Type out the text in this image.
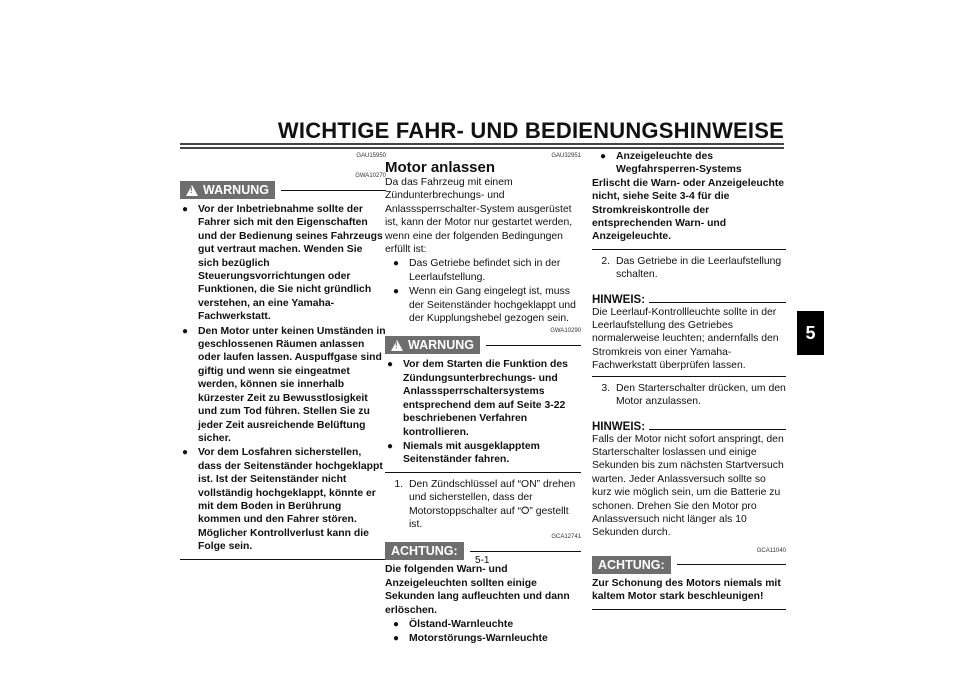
WICHTIGE FAHR- UND BEDIENUNGSHINWEISE
5
GAU15950
GWA10270
!
WARNUNG
● Vor der Inbetriebnahme sollte der Fahrer sich mit den Eigenschaften und der Bedienung seines Fahrzeugs gut vertraut machen. Wenden Sie sich bezüglich Steuerungsvorrichtungen oder Funktionen, die Sie nicht gründlich verstehen, an eine Yamaha-Fachwerkstatt.
● Den Motor unter keinen Umständen in geschlossenen Räumen anlassen oder laufen lassen. Auspuffgase sind giftig und wenn sie eingeatmet werden, können sie innerhalb kürzester Zeit zu Bewusstlosigkeit und zum Tod führen. Stellen Sie zu jeder Zeit ausreichende Belüftung sicher.
● Vor dem Losfahren sicherstellen, dass der Seitenständer hochgeklappt ist. Ist der Seitenständer nicht vollständig hochgeklappt, könnte er mit dem Boden in Berührung kommen und den Fahrer stören. Möglicher Kontrollverlust kann die Folge sein.
GAU32951
Motor anlassen
Da das Fahrzeug mit einem Zündunterbrechungs- und Anlasssperrschalter-System ausgerüstet ist, kann der Motor nur gestartet werden, wenn eine der folgenden Bedingungen erfüllt ist:
● Das Getriebe befindet sich in der Leerlaufstellung.
● Wenn ein Gang eingelegt ist, muss der Seitenständer hochgeklappt und der Kupplungshebel gezogen sein.
GWA10290
!
WARNUNG
● Vor dem Starten die Funktion des Zündungsunterbrechungs- und Anlasssperrschaltersystems entsprechend dem auf Seite 3-22 beschriebenen Verfahren kontrollieren.
● Niemals mit ausgeklapptem Seitenständer fahren.
1. Den Zündschlüssel auf “ON” drehen und sicherstellen, dass der Motorstoppschalter auf “⭘” gestellt ist.
GCA12741
ACHTUNG:
Die folgenden Warn- und Anzeigeleuchten sollten einige Sekunden lang aufleuchten und dann erlöschen.
● Ölstand-Warnleuchte
● Motorstörungs-Warnleuchte
● Anzeigeleuchte des Wegfahrsperren-Systems
Erlischt die Warn- oder Anzeigeleuchte nicht, siehe Seite 3-4 für die Stromkreiskontrolle der entsprechenden Warn- und Anzeigeleuchte.
2. Das Getriebe in die Leerlaufstellung schalten.
HINWEIS:
Die Leerlauf-Kontrollleuchte sollte in der Leerlaufstellung des Getriebes normalerweise leuchten; andernfalls den Stromkreis von einer Yamaha-Fachwerkstatt überprüfen lassen.
3. Den Starterschalter drücken, um den Motor anzulassen.
HINWEIS:
Falls der Motor nicht sofort anspringt, den Starterschalter loslassen und einige Sekunden bis zum nächsten Startversuch warten. Jeder Anlassversuch sollte so kurz wie möglich sein, um die Batterie zu schonen. Drehen Sie den Motor pro Anlassversuch nicht länger als 10 Sekunden durch.
GCA11040
ACHTUNG:
Zur Schonung des Motors niemals mit kaltem Motor stark beschleunigen!
5-1
